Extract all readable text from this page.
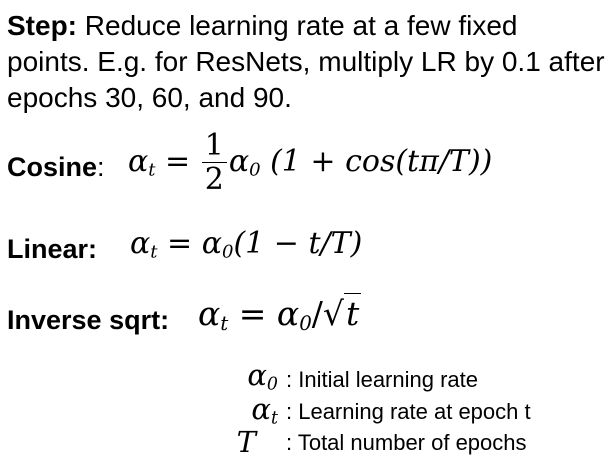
Step: Reduce learning rate at a few fixed points. E.g. for ResNets, multiply LR by 0.1 after epochs 30, 60, and 90.
Cosine: $\alpha_t = \frac{1}{2} \alpha_0$ (1 + cos(tπ/T))
Linear: $\alpha_t = \alpha_0(1 - t/T)$
Inverse sqrt: $\alpha_t = \alpha_0/√t$
$\alpha_0$ : Initial learning rate
$\alpha_t$ : Learning rate at epoch t
T : Total number of epochs
